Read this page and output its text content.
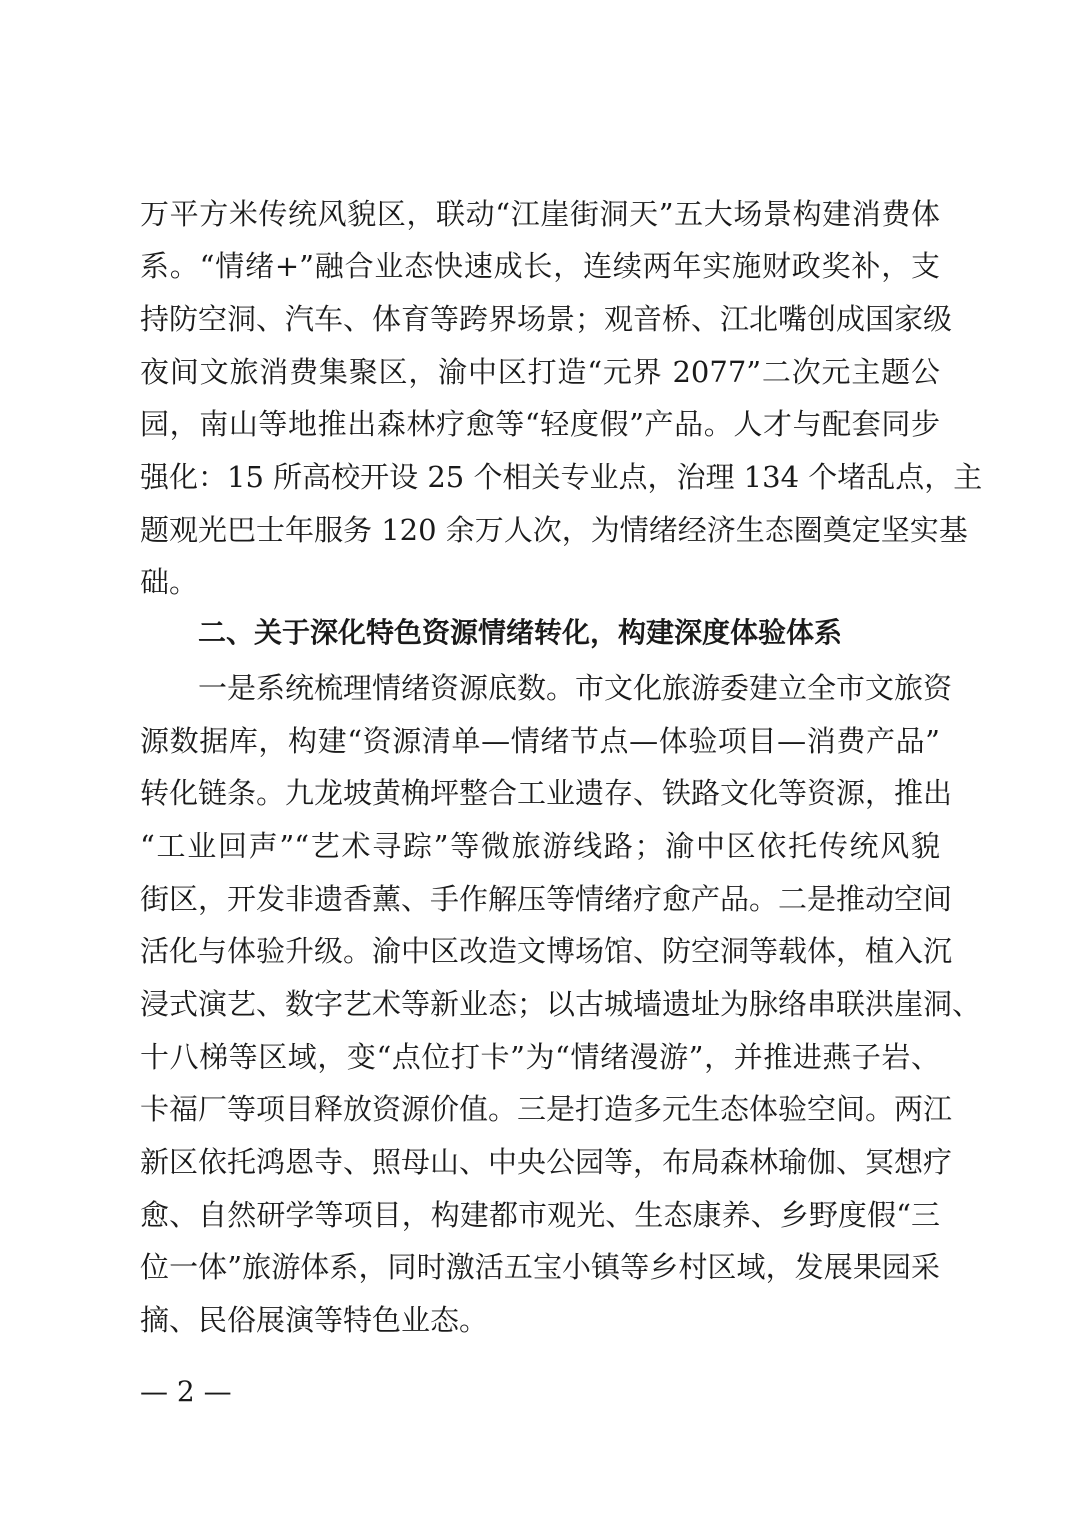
万平方米传统风貌区，联动“江崖街洞天”五大场景构建消费体
系。“情绪+”融合业态快速成长，连续两年实施财政奖补，支
持防空洞、汽车、体育等跨界场景；观音桥、江北嘴创成国家级
夜间文旅消费集聚区，渝中区打造“元界 2077”二次元主题公
园，南山等地推出森林疗愈等“轻度假”产品。人才与配套同步
强化：15 所高校开设 25 个相关专业点，治理 134 个堵乱点，主
题观光巴士年服务 120 余万人次，为情绪经济生态圈奠定坚实基
础。
二、关于深化特色资源情绪转化，构建深度体验体系
一是系统梳理情绪资源底数。市文化旅游委建立全市文旅资
源数据库，构建“资源清单—情绪节点—体验项目—消费产品”
转化链条。九龙坡黄桷坪整合工业遗存、铁路文化等资源，推出
“工业回声”“艺术寻踪”等微旅游线路；渝中区依托传统风貌
街区，开发非遗香薰、手作解压等情绪疗愈产品。二是推动空间
活化与体验升级。渝中区改造文博场馆、防空洞等载体，植入沉
浸式演艺、数字艺术等新业态；以古城墙遗址为脉络串联洪崖洞、
十八梯等区域，变“点位打卡”为“情绪漫游”，并推进燕子岩、
卡福厂等项目释放资源价值。三是打造多元生态体验空间。两江
新区依托鸿恩寺、照母山、中央公园等，布局森林瑜伽、冥想疗
愈、自然研学等项目，构建都市观光、生态康养、乡野度假“三
位一体”旅游体系，同时激活五宝小镇等乡村区域，发展果园采
摘、民俗展演等特色业态。
— 2 —
